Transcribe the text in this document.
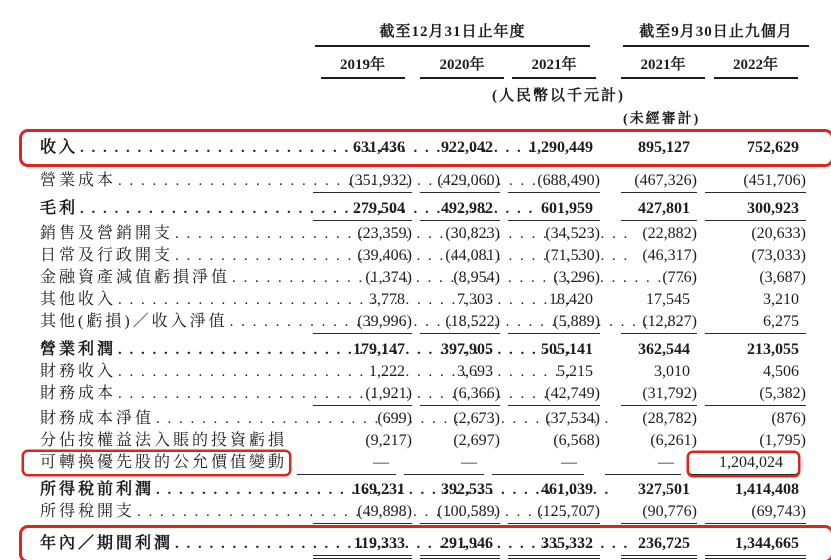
截至12月31日止年度	截至9月30日止九個月
2019年	2020年	2021年	2021年	2022年
(人民幣以千元計)
(未經審計)
收入 . . .	631,436	922,042	1,290,449	895,127	752,629
營業成本 . . .	(351,932)	(429,060)	(688,490)	(467,326)	(451,706)
毛利 . . .	279,504	492,982	601,959	427,801	300,923
銷售及營銷開支 . . .	(23,359)	(30,823)	(34,523)	(22,882)	(20,633)
日常及行政開支 . . .	(39,406)	(44,081)	(71,530)	(46,317)	(73,033)
金融資產減值虧損淨值 . . .	(1,374)	(8,954)	(3,296)	(776)	(3,687)
其他收入 . . .	3,778	7,303	18,420	17,545	3,210
其他(虧損)／收入淨值 . . .	(39,996)	(18,522)	(5,889)	(12,827)	6,275
營業利潤 . . .	179,147	397,905	505,141	362,544	213,055
財務收入 . . .	1,222	3,693	5,215	3,010	4,506
財務成本 . . .	(1,921)	(6,366)	(42,749)	(31,792)	(5,382)
財務成本淨值 . . .	(699)	(2,673)	(37,534)	(28,782)	(876)
分佔按權益法入賬的投資虧損	(9,217)	(2,697)	(6,568)	(6,261)	(1,795)
可轉換優先股的公允價值變動	—	—	—	—	1,204,024
所得稅前利潤 . . .	169,231	392,535	461,039	327,501	1,414,408
所得稅開支 . . .	(49,898)	(100,589)	(125,707)	(90,776)	(69,743)
年內／期間利潤 . . .	119,333	291,946	335,332	236,725	1,344,665
